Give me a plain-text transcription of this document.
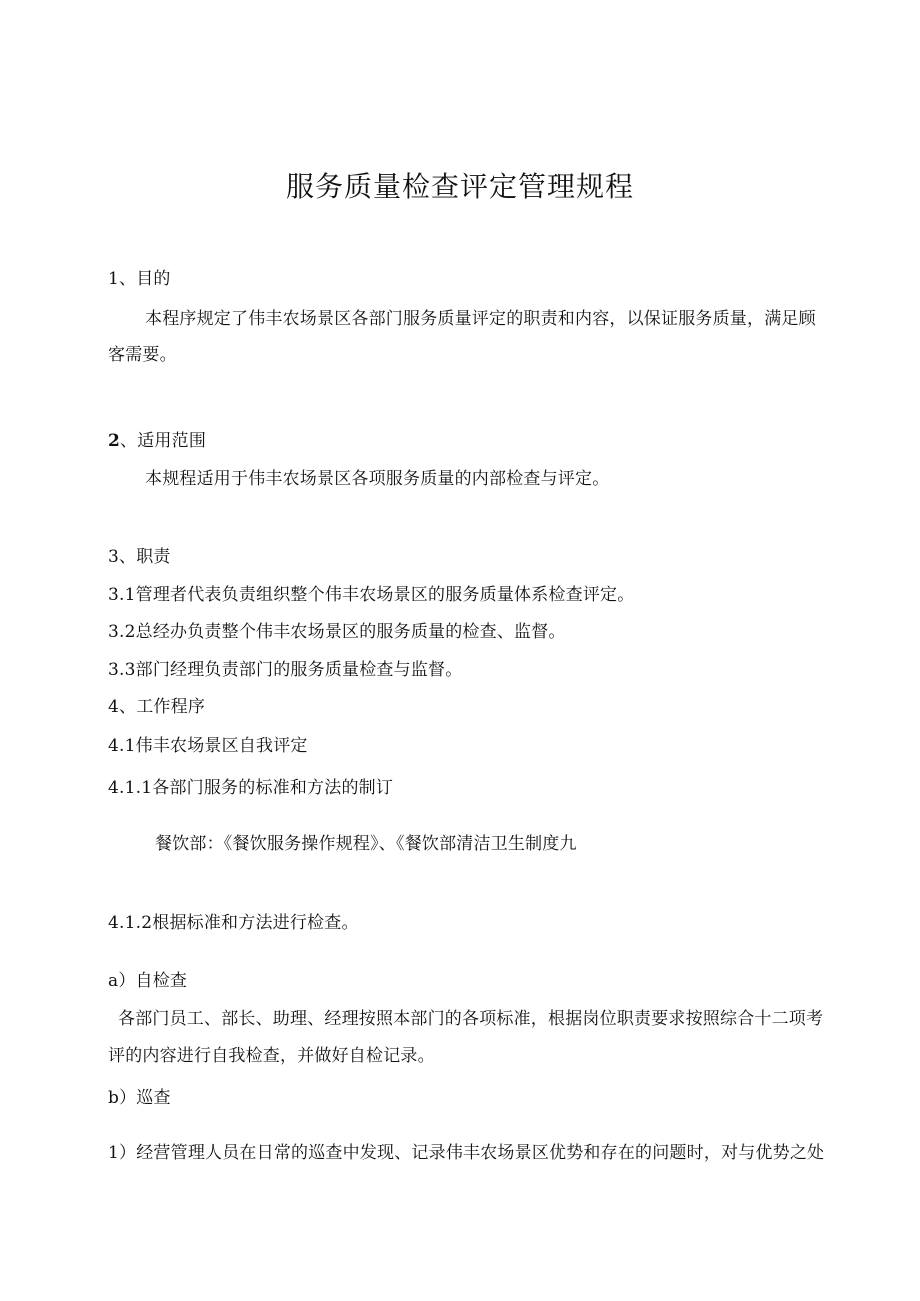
服务质量检查评定管理规程
1、目的
本程序规定了伟丰农场景区各部门服务质量评定的职责和内容，以保证服务质量，满足顾
客需要。
2、适用范围
本规程适用于伟丰农场景区各项服务质量的内部检查与评定。
3、职责
3.1管理者代表负责组织整个伟丰农场景区的服务质量体系检查评定。
3.2总经办负责整个伟丰农场景区的服务质量的检查、监督。
3.3部门经理负责部门的服务质量检查与监督。
4、工作程序
4.1伟丰农场景区自我评定
4.1.1各部门服务的标准和方法的制订
餐饮部：《餐饮服务操作规程》、《餐饮部清洁卫生制度九
4.1.2根据标准和方法进行检查。
a）自检查
各部门员工、部长、助理、经理按照本部门的各项标准，根据岗位职责要求按照综合十二项考
评的内容进行自我检查，并做好自检记录。
b）巡查
1）经营管理人员在日常的巡查中发现、记录伟丰农场景区优势和存在的问题时，对与优势之处
